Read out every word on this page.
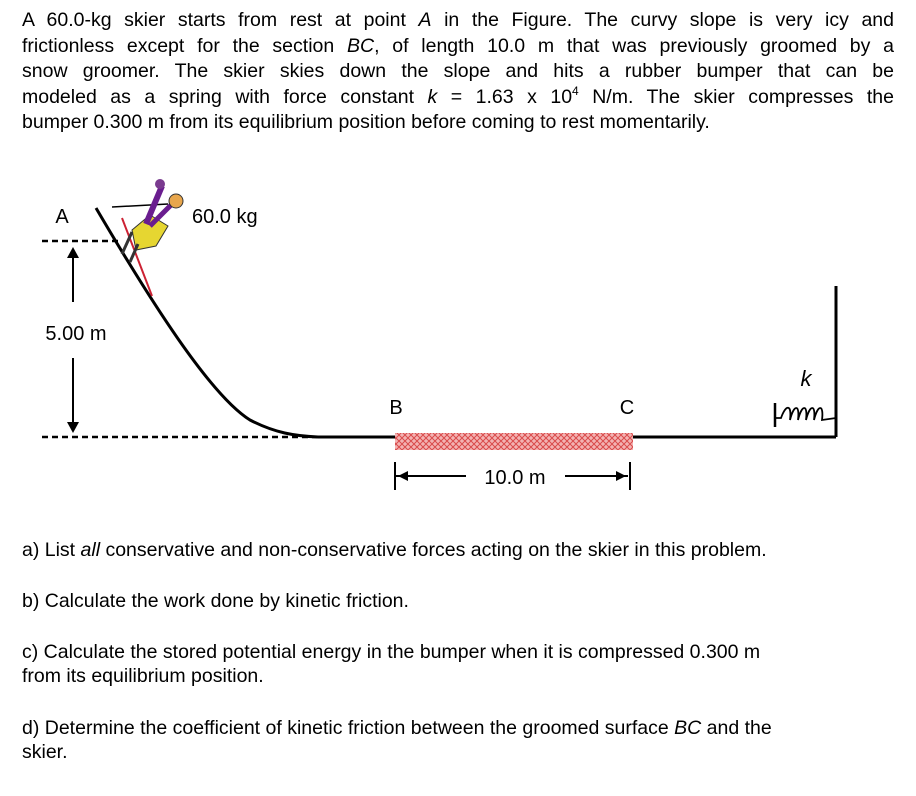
A 60.0-kg skier starts from rest at point A in the Figure. The curvy slope is very icy and
frictionless except for the section BC, of length 10.0 m that was previously groomed by a
snow groomer. The skier skies down the slope and hits a rubber bumper that can be
modeled as a spring with force constant k = 1.63 x $10^4$ N/m. The skier compresses the
bumper 0.300 m from its equilibrium position before coming to rest momentarily.
A
5.00 m
60.0 kg
B	C
10.0 m
k
a) List all conservative and non-conservative forces acting on the skier in this problem.
b) Calculate the work done by kinetic friction.
c) Calculate the stored potential energy in the bumper when it is compressed 0.300 m
from its equilibrium position.
d) Determine the coefficient of kinetic friction between the groomed surface BC and the
skier.
